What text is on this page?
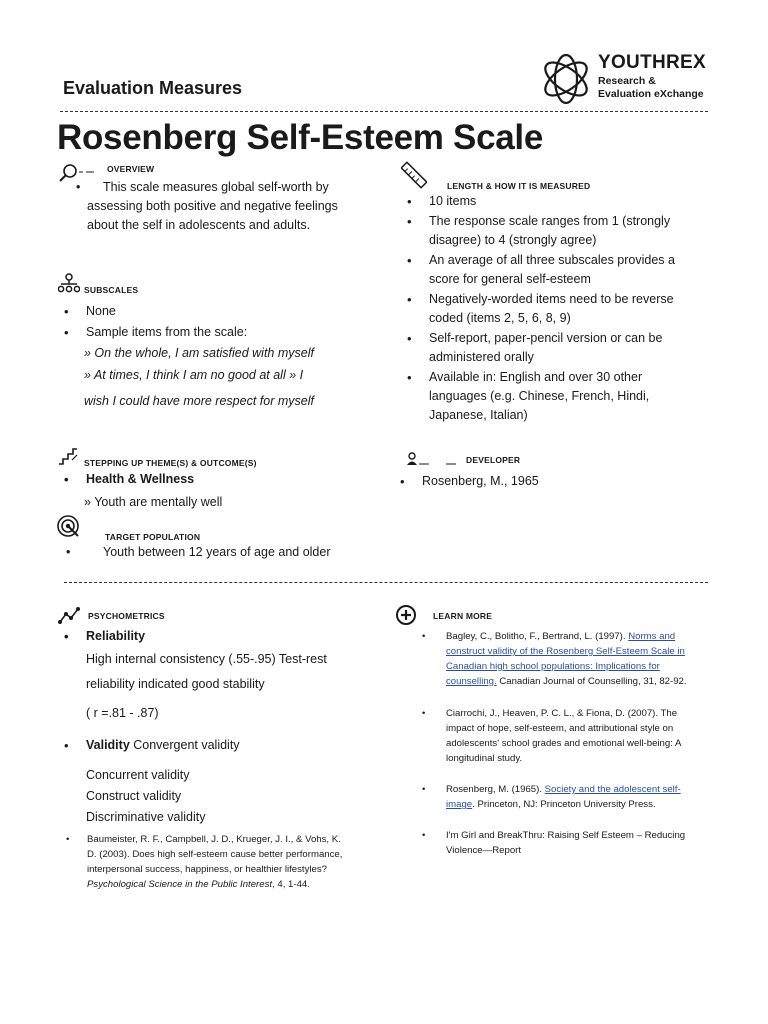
YOUTHREX
Research &
Evaluation eXchange
Evaluation Measures
Rosenberg Self-Esteem Scale
OVERVIEW
•	This scale measures global self-worth by assessing both positive and negative feelings about the self in adolescents and adults.
SUBSCALES
• None
• Sample items from the scale:
» On the whole, I am satisfied with myself
» At times, I think I am no good at all » I
wish I could have more respect for myself
LENGTH & HOW IT IS MEASURED
• 10 items
• The response scale ranges from 1 (strongly disagree) to 4 (strongly agree)
• An average of all three subscales provides a score for general self-esteem
• Negatively-worded items need to be reverse coded (items 2, 5, 6, 8, 9)
• Self-report, paper-pencil version or can be administered orally
• Available in: English and over 30 other languages (e.g. Chinese, French, Hindi, Japanese, Italian)
STEPPING UP THEME(S) & OUTCOME(S)
• Health & Wellness
» Youth are mentally well
DEVELOPER
• Rosenberg, M., 1965
TARGET POPULATION
•	Youth between 12 years of age and older
PSYCHOMETRICS
• Reliability
High internal consistency (.55-.95) Test-rest
reliability indicated good stability
( r =.81 - .87)
• Validity Convergent validity
Concurrent validity
Construct validity
Discriminative validity
•	Baumeister, R. F., Campbell, J. D., Krueger, J. I., & Vohs, K. D. (2003). Does high self-esteem cause better performance, interpersonal success, happiness, or healthier lifestyles? Psychological Science in the Public Interest, 4, 1-44.
LEARN MORE
•	Bagley, C., Bolitho, F., Bertrand, L. (1997). Norms and construct validity of the Rosenberg Self-Esteem Scale in Canadian high school populations: Implications for counselling. Canadian Journal of Counselling, 31, 82-92.
•	Ciarrochi, J., Heaven, P. C. L., & Fiona, D. (2007). The impact of hope, self-esteem, and attributional style on adolescents' school grades and emotional well-being: A longitudinal study.
•	Rosenberg, M. (1965). Society and the adolescent self-image. Princeton, NJ: Princeton University Press.
•	I'm Girl and BreakThru: Raising Self Esteem – Reducing Violence—Report
